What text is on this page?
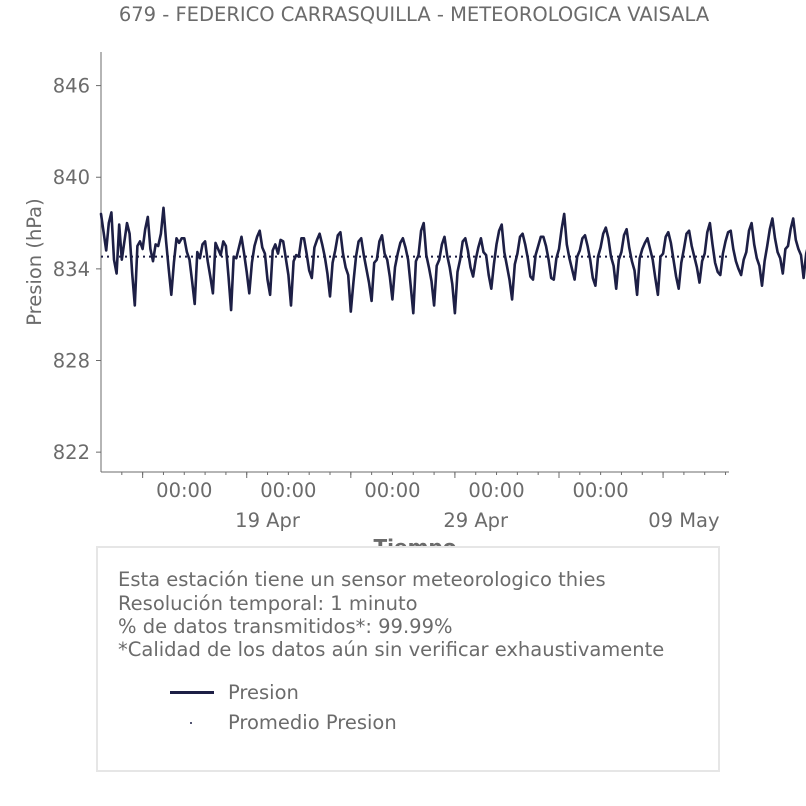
679 - FEDERICO CARRASQUILLA - METEOROLOGICA VAISALA
Presion (hPa)
846
840
834
828
822
00:00 00:00 00:00 00:00 00:00
19 Apr	29 Apr	09 May
Esta estación tiene un sensor meteorologico thies
Resolución temporal: 1 minuto
% de datos transmitidos*: 99.99%
*Calidad de los datos aún sin verificar exhaustivamente
Presion
Promedio Presion
